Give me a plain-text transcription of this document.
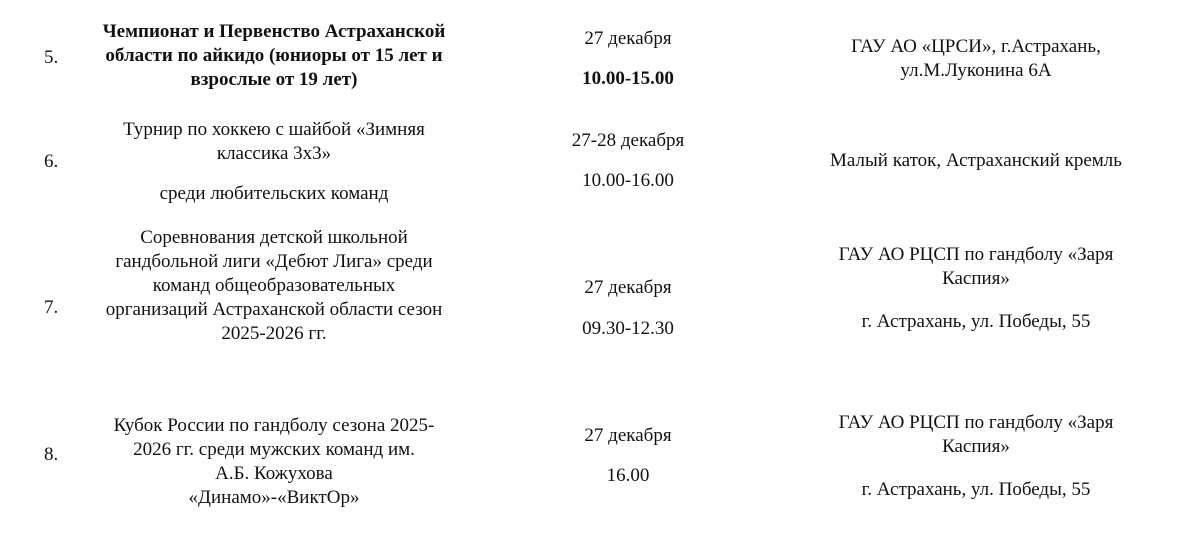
5.
Чемпионат и Первенство Астраханской
области по айкидо (юниоры от 15 лет и
взрослые от 19 лет)
27 декабря
10.00-15.00
ГАУ АО «ЦРСИ», г.Астрахань,
ул.М.Луконина 6А
6.
Турнир по хоккею с шайбой «Зимняя
классика 3х3»
среди любительских команд
27-28 декабря
10.00-16.00
Малый каток, Астраханский кремль
7.
Соревнования детской школьной
гандбольной лиги «Дебют Лига» среди
команд общеобразовательных
организаций Астраханской области сезон
2025-2026 гг.
27 декабря
09.30-12.30
ГАУ АО РЦСП по гандболу «Заря
Каспия»
г. Астрахань, ул. Победы, 55
8.
Кубок России по гандболу сезона 2025-
2026 гг. среди мужских команд им.
А.Б. Кожухова
«Динамо»-«ВиктОр»
27 декабря
16.00
ГАУ АО РЦСП по гандболу «Заря
Каспия»
г. Астрахань, ул. Победы, 55
